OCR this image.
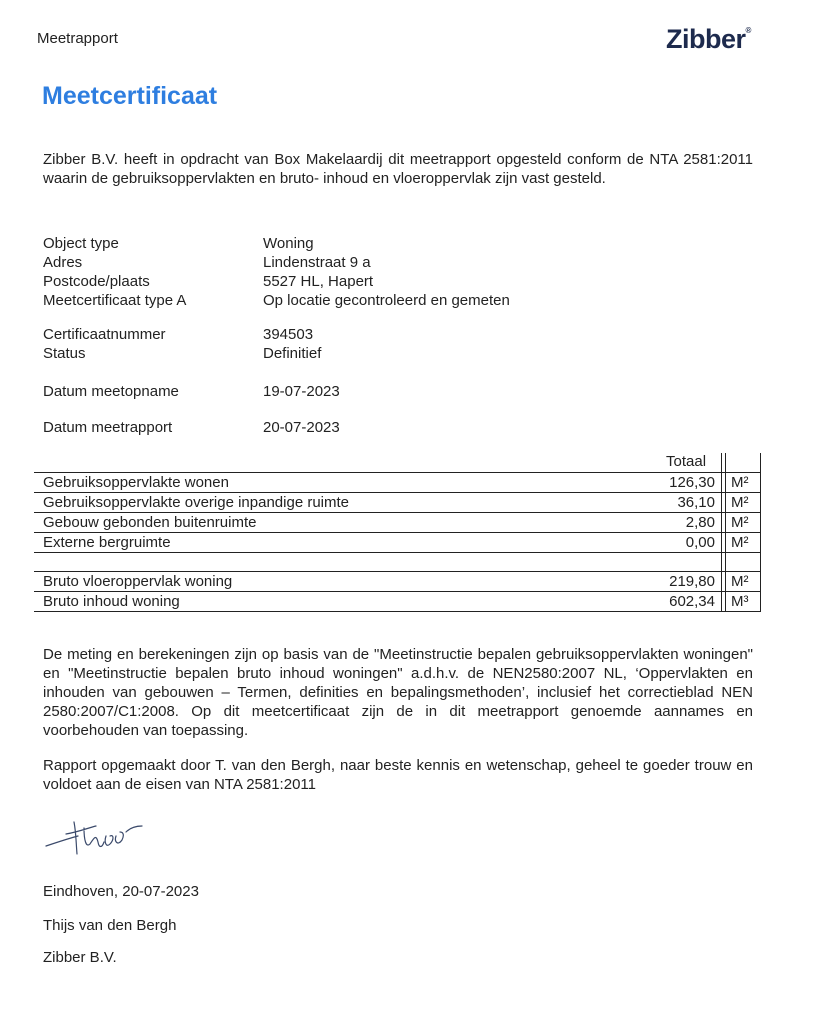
Meetrapport	Zibber®
Meetcertificaat
Zibber B.V. heeft in opdracht van Box Makelaardij dit meetrapport opgesteld conform de NTA 2581:2011 waarin de gebruiksoppervlakten en bruto- inhoud en vloeroppervlak zijn vast gesteld.
Object type	Woning
Adres	Lindenstraat 9 a
Postcode/plaats	5527 HL, Hapert
Meetcertificaat type A	Op locatie gecontroleerd en gemeten
Certificaatnummer	394503
Status	Definitief
Datum meetopname	19-07-2023
Datum meetrapport	20-07-2023
Totaal
Gebruiksoppervlakte wonen	126,30 M²
Gebruiksoppervlakte overige inpandige ruimte	36,10 M²
Gebouw gebonden buitenruimte	2,80 M²
Externe bergruimte	0,00 M²
Bruto vloeroppervlak woning	219,80 M²
Bruto inhoud woning	602,34 M³
De meting en berekeningen zijn op basis van de "Meetinstructie bepalen gebruiksoppervlakten woningen" en "Meetinstructie bepalen bruto inhoud woningen" a.d.h.v. de NEN2580:2007 NL, ‘Oppervlakten en inhouden van gebouwen – Termen, definities en bepalingsmethoden’, inclusief het correctieblad NEN 2580:2007/C1:2008. Op dit meetcertificaat zijn de in dit meetrapport genoemde aannames en voorbehouden van toepassing.
Rapport opgemaakt door T. van den Bergh, naar beste kennis en wetenschap, geheel te goeder trouw en voldoet aan de eisen van NTA 2581:2011
Eindhoven, 20-07-2023
Thijs van den Bergh
Zibber B.V.
